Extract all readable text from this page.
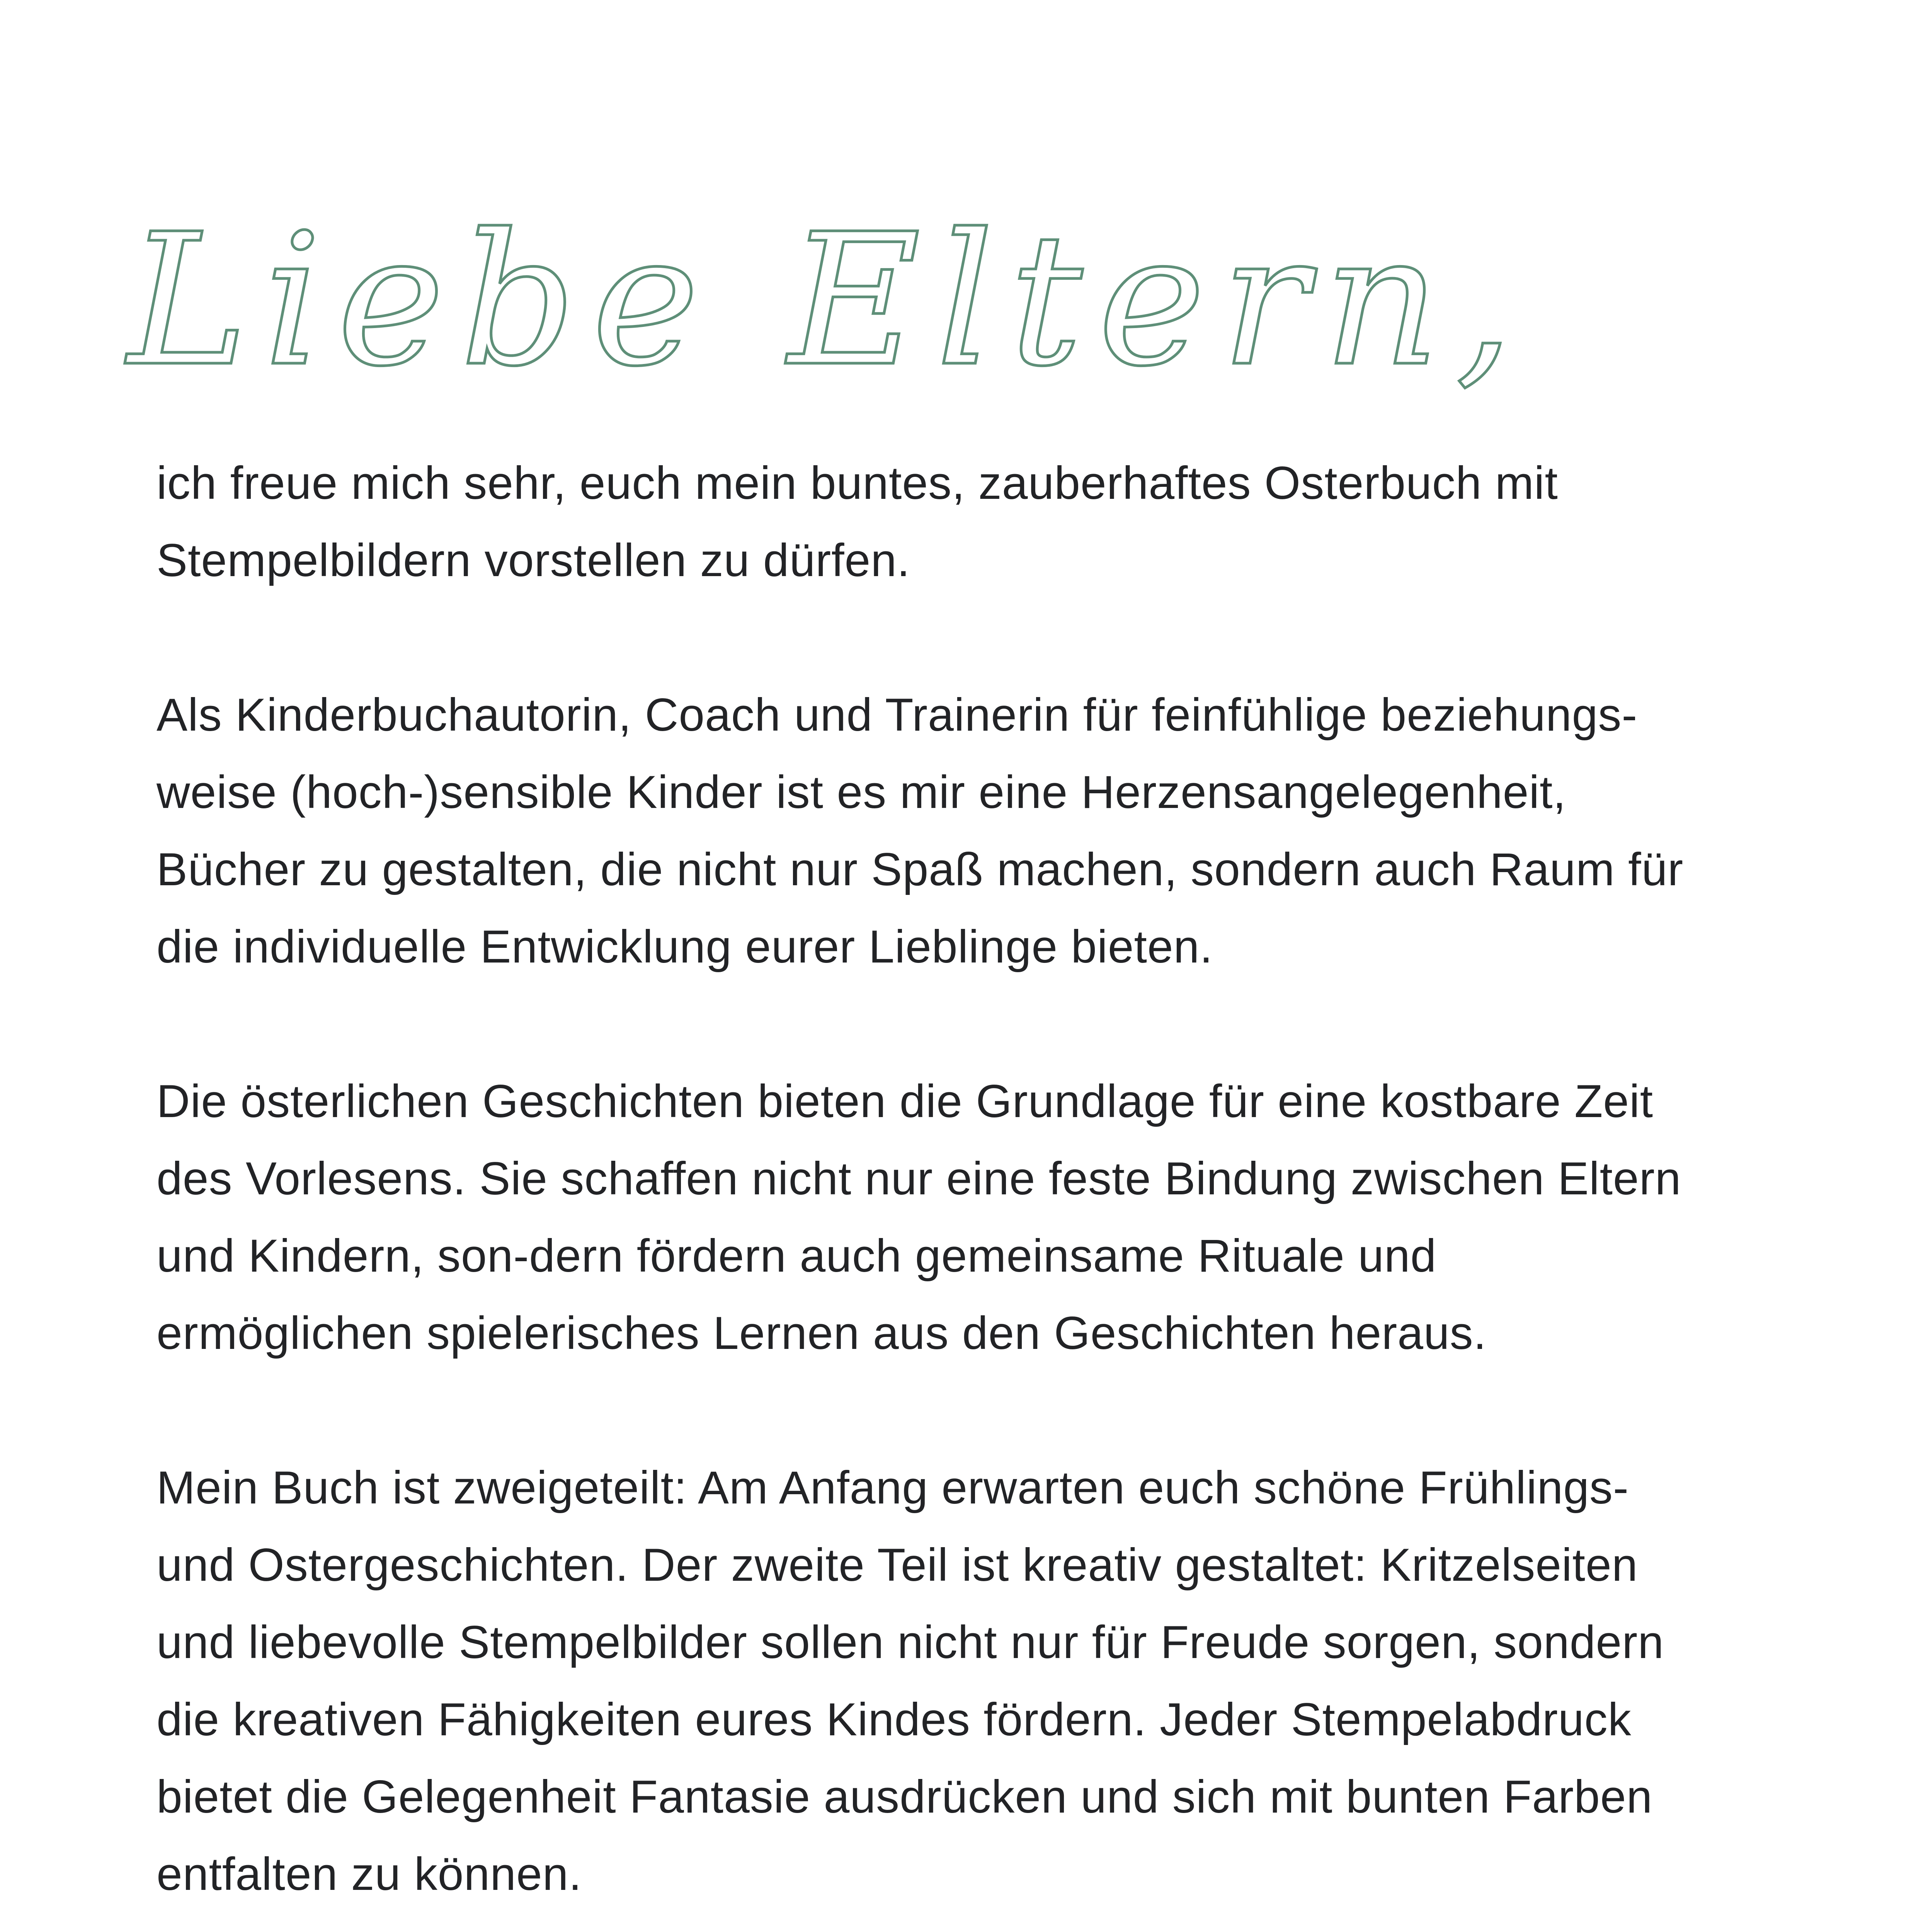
Liebe Eltern,

ich freue mich sehr, euch mein buntes, zauberhaftes Osterbuch mit
Stempelbildern vorstellen zu dürfen.

Als Kinderbuchautorin, Coach und Trainerin für feinfühlige beziehungs-
weise (hoch-)sensible Kinder ist es mir eine Herzensangelegenheit,
Bücher zu gestalten, die nicht nur Spaß machen, sondern auch Raum für
die individuelle Entwicklung eurer Lieblinge bieten.

Die österlichen Geschichten bieten die Grundlage für eine kostbare Zeit
des Vorlesens. Sie schaffen nicht nur eine feste Bindung zwischen Eltern
und Kindern, son-dern fördern auch gemeinsame Rituale und
ermöglichen spielerisches Lernen aus den Geschichten heraus.

Mein Buch ist zweigeteilt: Am Anfang erwarten euch schöne Frühlings-
und Ostergeschichten. Der zweite Teil ist kreativ gestaltet: Kritzelseiten
und liebevolle Stempelbilder sollen nicht nur für Freude sorgen, sondern
die kreativen Fähigkeiten eures Kindes fördern. Jeder Stempelabdruck
bietet die Gelegenheit Fantasie ausdrücken und sich mit bunten Farben
entfalten zu können.
